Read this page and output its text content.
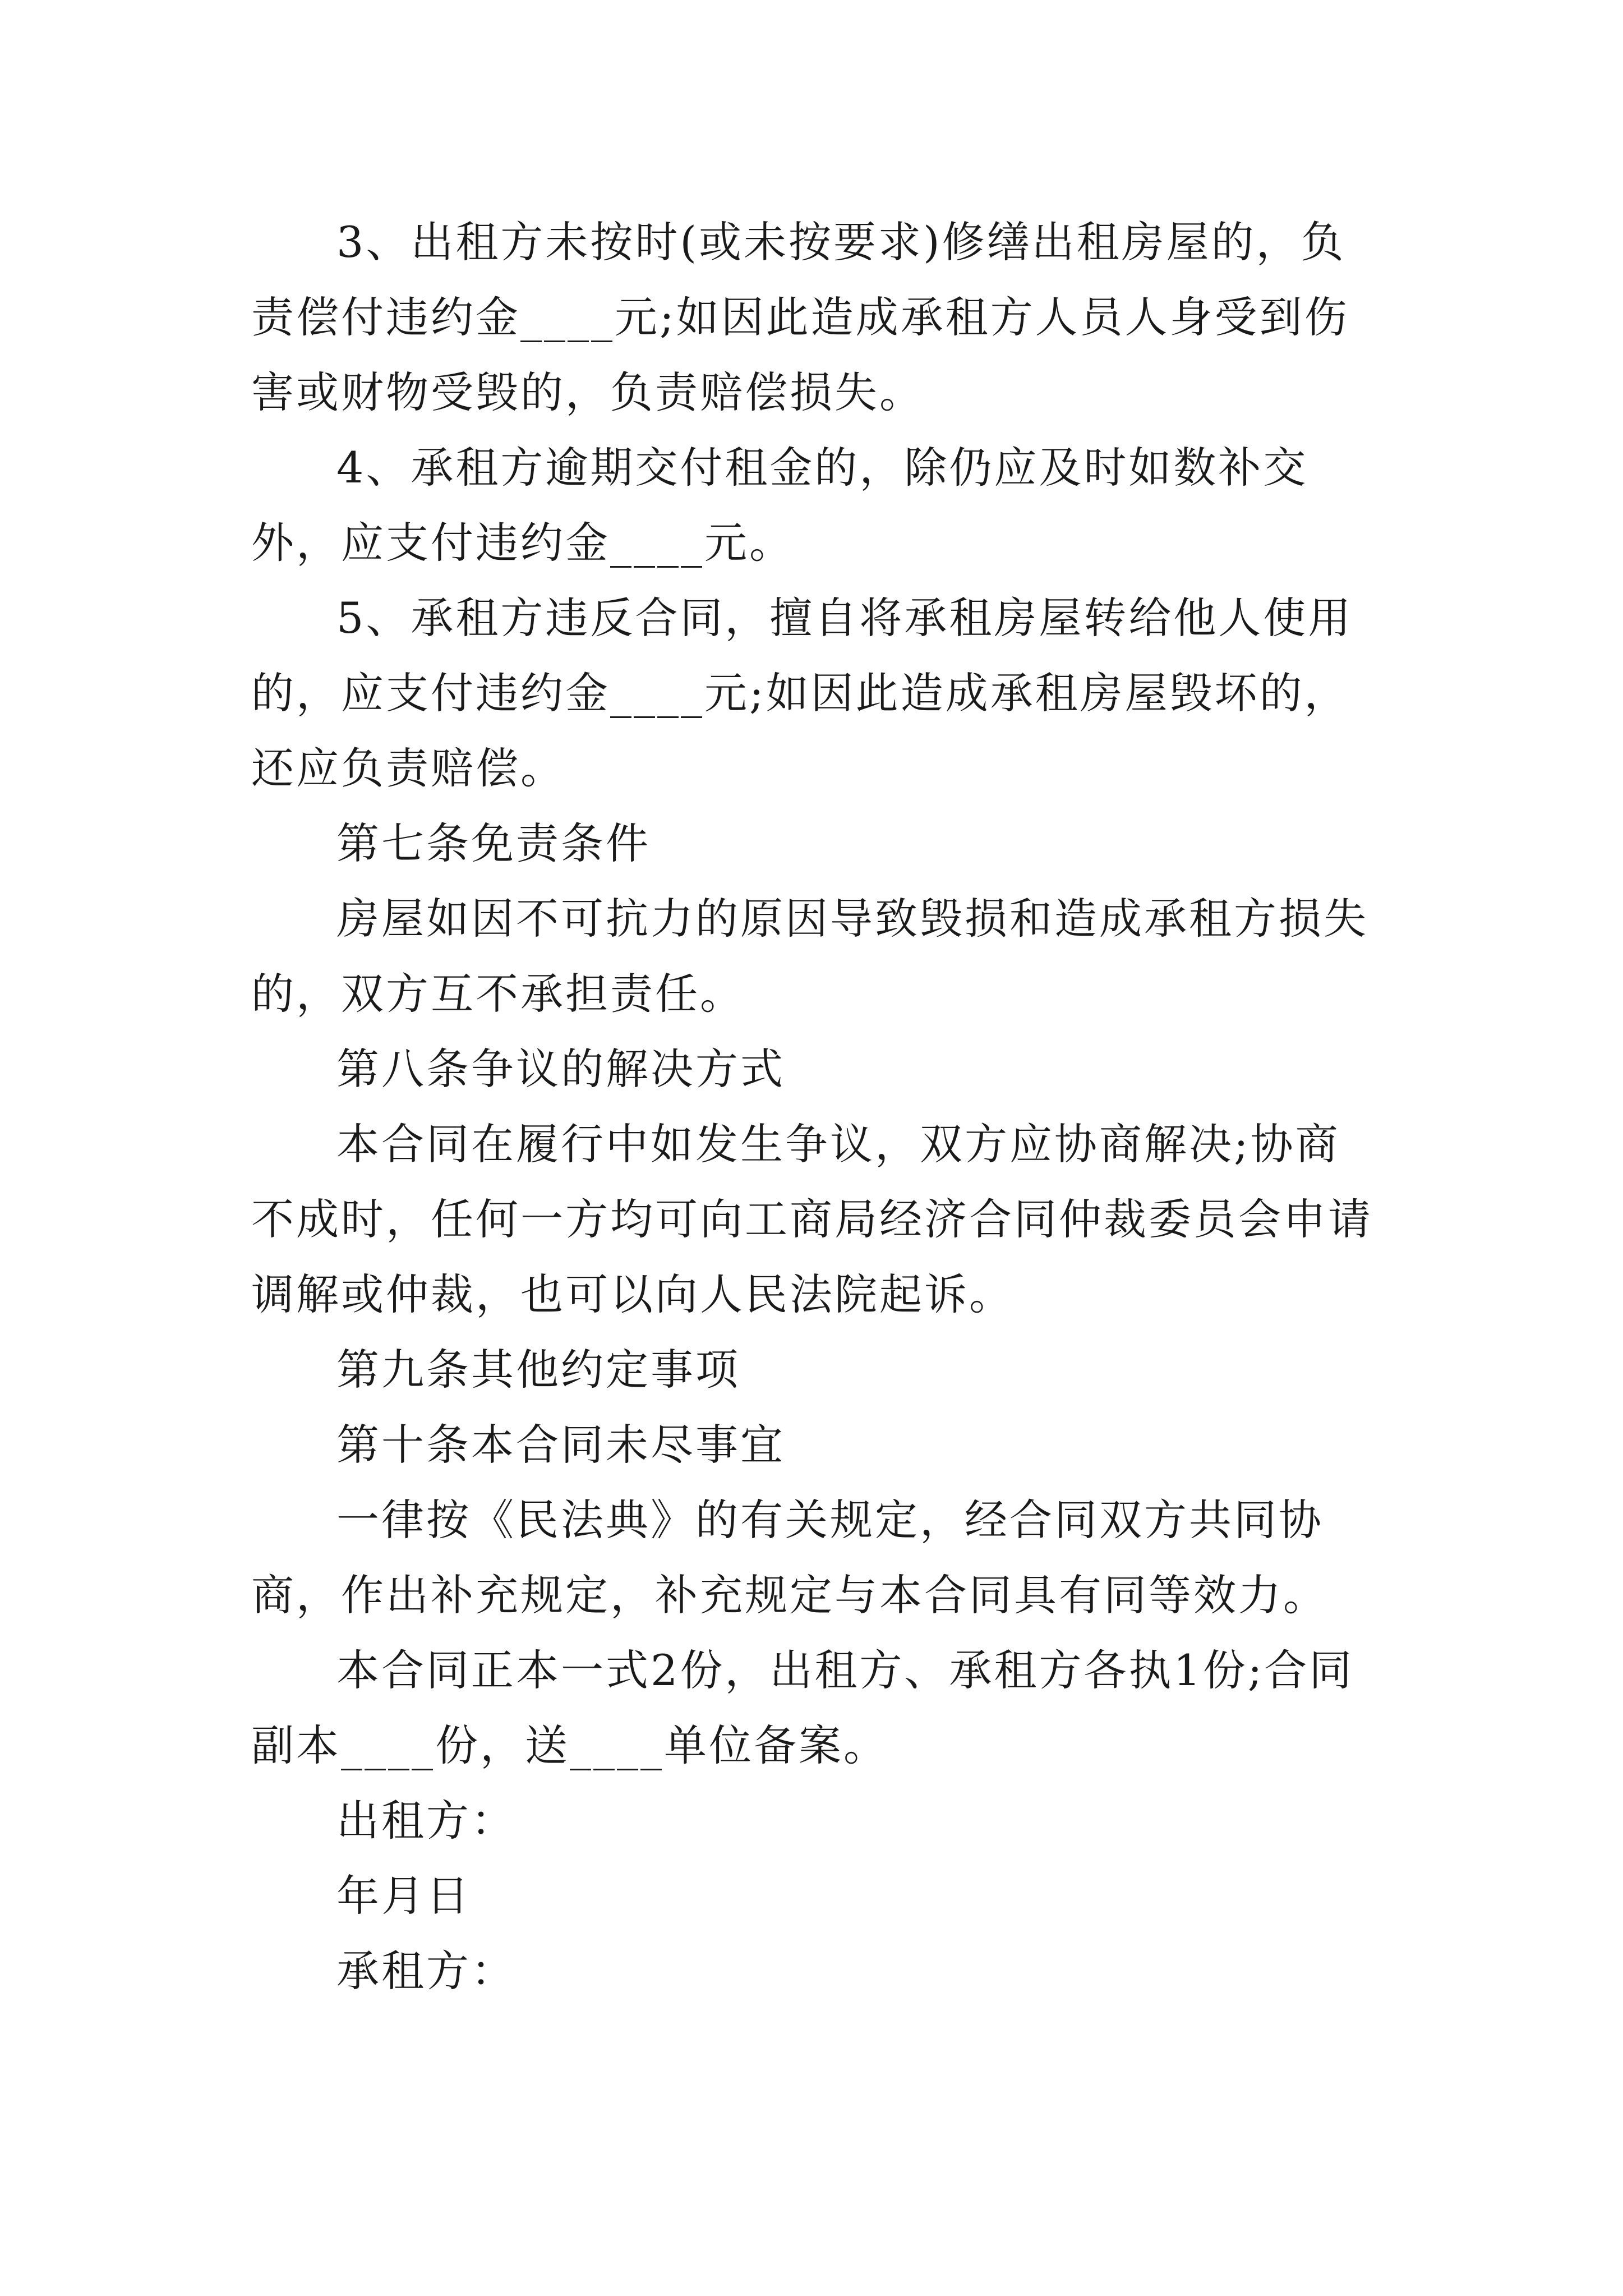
3、出租方未按时(或未按要求)修缮出租房屋的，负责偿付违约金____元;如因此造成承租方人员人身受到伤害或财物受毁的，负责赔偿损失。

4、承租方逾期交付租金的，除仍应及时如数补交外，应支付违约金____元。

5、承租方违反合同，擅自将承租房屋转给他人使用的，应支付违约金____元;如因此造成承租房屋毁坏的，还应负责赔偿。

第七条免责条件

房屋如因不可抗力的原因导致毁损和造成承租方损失的，双方互不承担责任。

第八条争议的解决方式

本合同在履行中如发生争议，双方应协商解决;协商不成时，任何一方均可向工商局经济合同仲裁委员会申请调解或仲裁，也可以向人民法院起诉。

第九条其他约定事项

第十条本合同未尽事宜

一律按《民法典》的有关规定，经合同双方共同协商，作出补充规定，补充规定与本合同具有同等效力。

本合同正本一式2份，出租方、承租方各执1份;合同副本____份，送____单位备案。

出租方：

年月日

承租方：
